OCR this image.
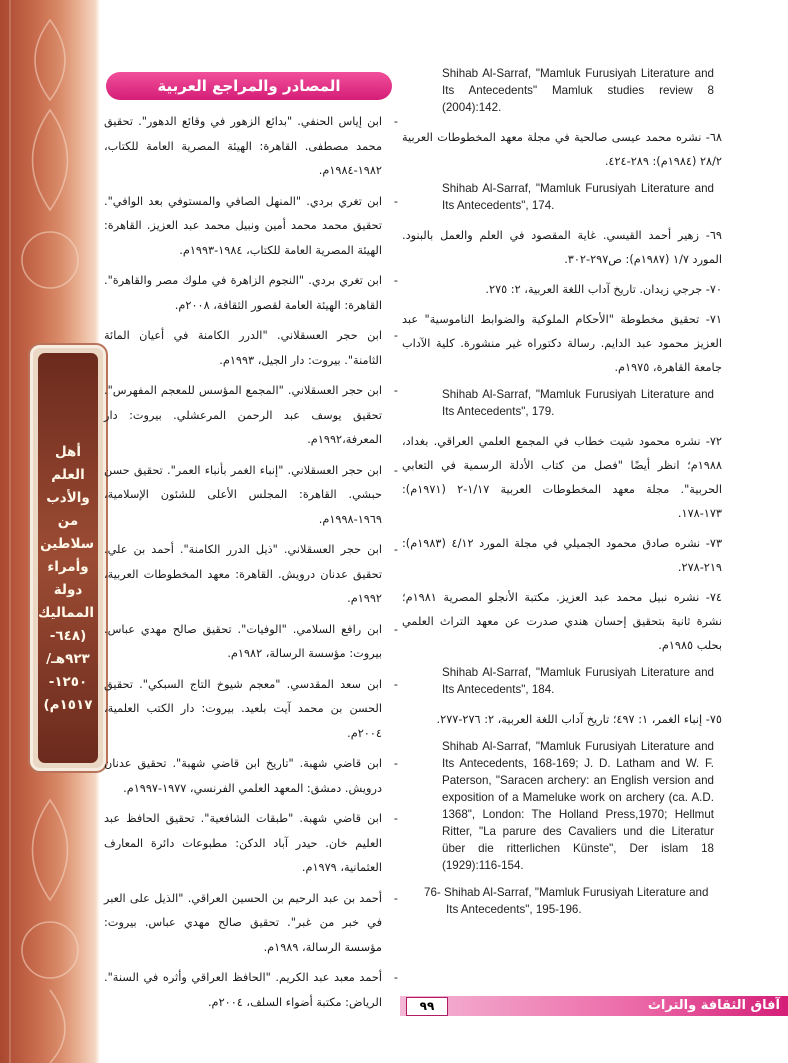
أهل العلم
والأدب من
سلاطين
وأمراء دولة
المماليك
(٦٤٨-
٩٢٣هـ/
١٢٥٠-
١٥١٧م)
المصادر والمراجع العربية
-
ابن إياس الحنفي. "بدائع الزهور في وقائع الدهور". تحقيق محمد مصطفى. القاهرة: الهيئة المصرية العامة للكتاب، ١٩٨٢-١٩٨٤م.
-
ابن تغري بردي. "المنهل الصافي والمستوفي بعد الوافي". تحقيق محمد محمد أمين ونبيل محمد عبد العزيز. القاهرة: الهيئة المصرية العامة للكتاب، ١٩٨٤-١٩٩٣م.
-
ابن تغري بردي. "النجوم الزاهرة في ملوك مصر والقاهرة". القاهرة: الهيئة العامة لقصور الثقافة، ٢٠٠٨م.
-
ابن حجر العسقلاني. "الدرر الكامنة في أعيان المائة الثامنة". بيروت: دار الجيل، ١٩٩٣م.
-
ابن حجر العسقلاني. "المجمع المؤسس للمعجم المفهرس". تحقيق يوسف عبد الرحمن المرعشلي. بيروت: دار المعرفة،١٩٩٢م.
-
ابن حجر العسقلاني. "إنباء الغمر بأنباء العمر". تحقيق حسن حبشي. القاهرة: المجلس الأعلى للشئون الإسلامية، ١٩٦٩-١٩٩٨م.
-
ابن حجر العسقلاني. "ذيل الدرر الكامنة". أحمد بن علي. تحقيق عدنان درويش. القاهرة: معهد المخطوطات العربية، ١٩٩٢م.
-
ابن رافع السلامي. "الوفيات". تحقيق صالح مهدي عباس. بيروت: مؤسسة الرسالة، ١٩٨٢م.
-
ابن سعد المقدسي. "معجم شيوخ التاج السبكي". تحقيق الحسن بن محمد آيت بلعيد. بيروت: دار الكتب العلمية، ٢٠٠٤م.
-
ابن قاضي شهبة. "تاريخ ابن قاضي شهبة". تحقيق عدنان درويش. دمشق: المعهد العلمي الفرنسي، ١٩٧٧-١٩٩٧م.
-
ابن قاضي شهبة. "طبقات الشافعية". تحقيق الحافظ عبد العليم خان. حيدر آباد الدكن: مطبوعات دائرة المعارف العثمانية، ١٩٧٩م.
-
أحمد بن عبد الرحيم بن الحسين العراقي. "الذيل على العبر في خبر من غبر". تحقيق صالح مهدي عباس. بيروت: مؤسسة الرسالة، ١٩٨٩م.
-
أحمد معبد عبد الكريم. "الحافظ العراقي وأثره في السنة". الرياض: مكتبة أضواء السلف، ٢٠٠٤م.
Shihab Al-Sarraf, "Mamluk Furusiyah Literature and Its Antecedents" Mamluk studies review 8 (2004):142.
٦٨- نشره محمد عيسى صالحية في مجلة معهد المخطوطات العربية ٢٨/٢ (١٩٨٤م): ٢٨٩-٤٢٤.
Shihab Al-Sarraf, "Mamluk Furusiyah Literature and Its Antecedents", 174.
٦٩- زهير أحمد القيسي. غاية المقصود في العلم والعمل بالبنود. المورد ١/٧ (١٩٨٧م): ص٢٩٧-٣٠٢.
٧٠- جرجي زيدان. تاريخ آداب اللغة العربية، ٢: ٢٧٥.
٧١- تحقيق مخطوطة "الأحكام الملوكية والضوابط الناموسية" عبد العزيز محمود عبد الدايم. رسالة دكتوراه غير منشورة. كلية الآداب جامعة القاهرة، ١٩٧٥م.
Shihab Al-Sarraf, "Mamluk Furusiyah Literature and Its Antecedents", 179.
٧٢- نشره محمود شيت خطاب في المجمع العلمي العراقي. بغداد، ١٩٨٨م؛ انظر أيضًا "فصل من كتاب الأدلة الرسمية في التعابي الحربية". مجلة معهد المخطوطات العربية ١/١٧-٢ (١٩٧١م): ١٧٣-١٧٨.
٧٣- نشره صادق محمود الجميلي في مجلة المورد ٤/١٢ (١٩٨٣م): ٢١٩-٢٧٨.
٧٤- نشره نبيل محمد عبد العزيز. مكتبة الأنجلو المصرية ١٩٨١م؛ نشرة ثانية بتحقيق إحسان هندي صدرت عن معهد التراث العلمي بحلب ١٩٨٥م.
Shihab Al-Sarraf, "Mamluk Furusiyah Literature and Its Antecedents", 184.
٧٥- إنباء الغمر، ١: ٤٩٧؛ تاريخ آداب اللغة العربية، ٢: ٢٧٦-٢٧٧.
Shihab Al-Sarraf, "Mamluk Furusiyah Literature and Its Antecedents, 168-169; J. D. Latham and W. F. Paterson, "Saracen archery: an English version and exposition of a Mameluke work on archery (ca. A.D. 1368", London: The Holland Press,1970; Hellmut Ritter, "La parure des Cavaliers und die Literatur über die ritterlichen Künste", Der islam 18 (1929):116-154.
76- Shihab Al-Sarraf, "Mamluk Furusiyah Literature and Its Antecedents", 195-196.
آفاق الثقافة والتراث
٩٩
